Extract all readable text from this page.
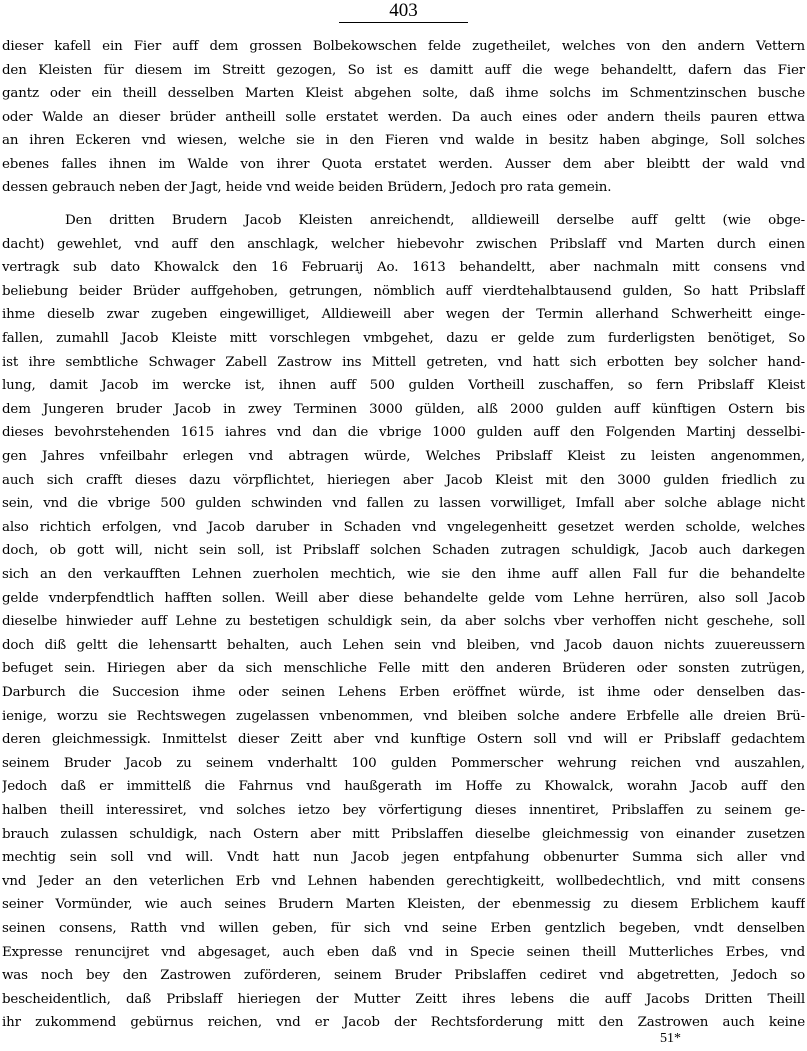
403
dieser kafell ein Fier auff dem grossen Bolbekowschen felde zugetheilet, welches von den andern Vettern
den Kleisten für diesem im Streitt gezogen, So ist es damitt auff die wege behandeltt, dafern das Fier
gantz oder ein theill desselben Marten Kleist abgehen solte, daß ihme solchs im Schmentzinschen busche
oder Walde an dieser brüder antheill solle erstatet werden. Da auch eines oder andern theils pauren ettwa
an ihren Eckeren vnd wiesen, welche sie in den Fieren vnd walde in besitz haben abginge, Soll solches
ebenes falles ihnen im Walde von ihrer Quota erstatet werden. Ausser dem aber bleibtt der wald vnd
dessen gebrauch neben der Jagt, heide vnd weide beiden Brüdern, Jedoch pro rata gemein.
Den dritten Brudern Jacob Kleisten anreichendt, alldieweill derselbe auff geltt (wie obge-
dacht) gewehlet, vnd auff den anschlagk, welcher hiebevohr zwischen Pribslaff vnd Marten durch einen
vertragk sub dato Khowalck den 16 Februarij Ao. 1613 behandeltt, aber nachmaln mitt consens vnd
beliebung beider Brüder auffgehoben, getrungen, nömblich auff vierdtehalbtausend gulden, So hatt Pribslaff
ihme dieselb zwar zugeben eingewilliget, Alldieweill aber wegen der Termin allerhand Schwerheitt einge-
fallen, zumahll Jacob Kleiste mitt vorschlegen vmbgehet, dazu er gelde zum furderligsten benötiget, So
ist ihre sembtliche Schwager Zabell Zastrow ins Mittell getreten, vnd hatt sich erbotten bey solcher hand-
lung, damit Jacob im wercke ist, ihnen auff 500 gulden Vortheill zuschaffen, so fern Pribslaff Kleist
dem Jungeren bruder Jacob in zwey Terminen 3000 gülden, alß 2000 gulden auff künftigen Ostern bis
dieses bevohrstehenden 1615 iahres vnd dan die vbrige 1000 gulden auff den Folgenden Martinj desselbi-
gen Jahres vnfeilbahr erlegen vnd abtragen würde, Welches Pribslaff Kleist zu leisten angenommen,
auch sich crafft dieses dazu vörpflichtet, hieriegen aber Jacob Kleist mit den 3000 gulden friedlich zu
sein, vnd die vbrige 500 gulden schwinden vnd fallen zu lassen vorwilliget, Imfall aber solche ablage nicht
also richtich erfolgen, vnd Jacob daruber in Schaden vnd vngelegenheitt gesetzet werden scholde, welches
doch, ob gott will, nicht sein soll, ist Pribslaff solchen Schaden zutragen schuldigk, Jacob auch darkegen
sich an den verkaufften Lehnen zuerholen mechtich, wie sie den ihme auff allen Fall fur die behandelte
gelde vnderpfendtlich hafften sollen. Weill aber diese behandelte gelde vom Lehne herrüren, also soll Jacob
dieselbe hinwieder auff Lehne zu bestetigen schuldigk sein, da aber solchs vber verhoffen nicht geschehe, soll
doch diß geltt die lehensartt behalten, auch Lehen sein vnd bleiben, vnd Jacob dauon nichts zuuereussern
befuget sein. Hiriegen aber da sich menschliche Felle mitt den anderen Brüderen oder sonsten zutrügen,
Darburch die Succesion ihme oder seinen Lehens Erben eröffnet würde, ist ihme oder denselben das-
ienige, worzu sie Rechtswegen zugelassen vnbenommen, vnd bleiben solche andere Erbfelle alle dreien Brü-
deren gleichmessigk. Inmittelst dieser Zeitt aber vnd kunftige Ostern soll vnd will er Pribslaff gedachtem
seinem Bruder Jacob zu seinem vnderhaltt 100 gulden Pommerscher wehrung reichen vnd auszahlen,
Jedoch daß er immittelß die Fahrnus vnd haußgerath im Hoffe zu Khowalck, worahn Jacob auff den
halben theill interessiret, vnd solches ietzo bey vörfertigung dieses innentiret, Pribslaffen zu seinem ge-
brauch zulassen schuldigk, nach Ostern aber mitt Pribslaffen dieselbe gleichmessig von einander zusetzen
mechtig sein soll vnd will. Vndt hatt nun Jacob jegen entpfahung obbenurter Summa sich aller vnd
vnd Jeder an den veterlichen Erb vnd Lehnen habenden gerechtigkeitt, wollbedechtlich, vnd mitt consens
seiner Vormünder, wie auch seines Brudern Marten Kleisten, der ebenmessig zu diesem Erblichem kauff
seinen consens, Ratth vnd willen geben, für sich vnd seine Erben gentzlich begeben, vndt denselben
Expresse renuncijret vnd abgesaget, auch eben daß vnd in Specie seinen theill Mutterliches Erbes, vnd
was noch bey den Zastrowen zuförderen, seinem Bruder Pribslaffen cediret vnd abgetretten, Jedoch so
bescheidentlich, daß Pribslaff hieriegen der Mutter Zeitt ihres lebens die auff Jacobs Dritten Theill
ihr zukommend gebürnus reichen, vnd er Jacob der Rechtsforderung mitt den Zastrowen auch keine
51*
